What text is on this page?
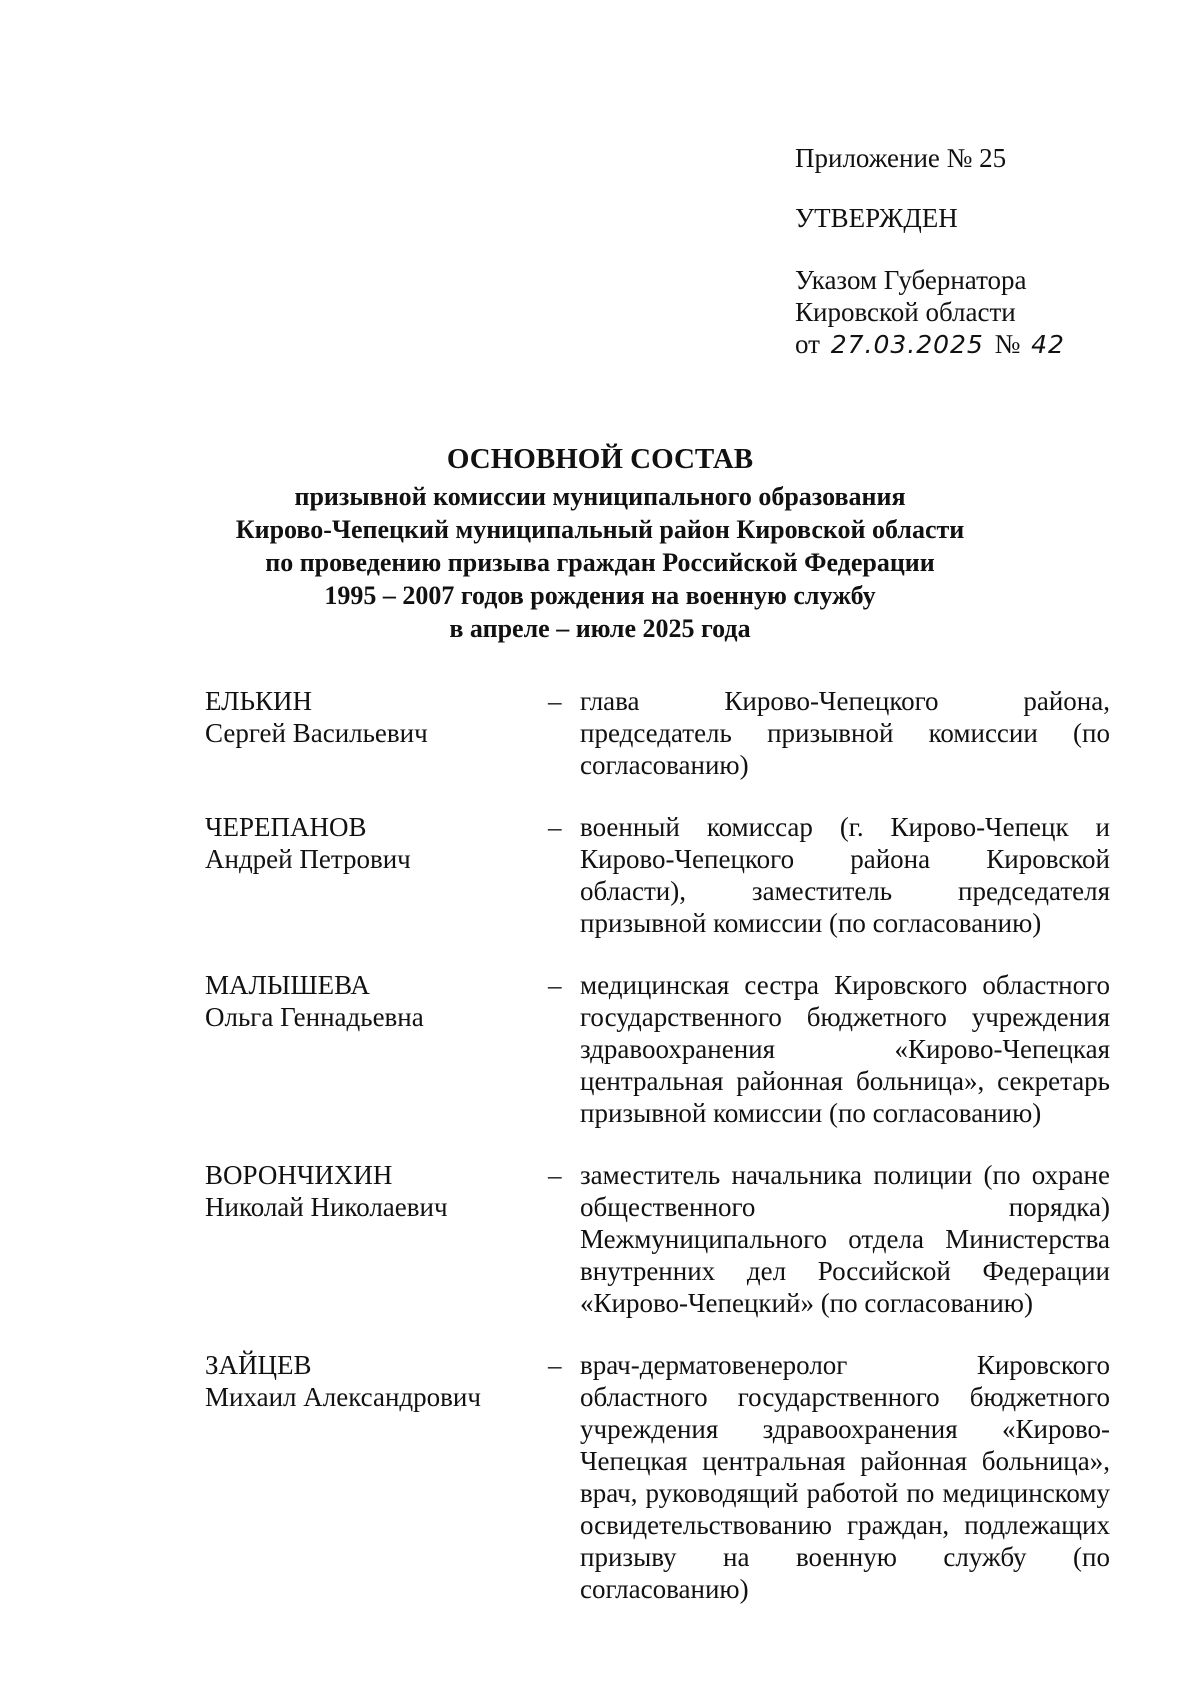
Приложение № 25
УТВЕРЖДЕН
Указом Губернатора
Кировской области
от 27.03.2025 № 42
ОСНОВНОЙ СОСТАВ
призывной комиссии муниципального образования
Кирово-Чепецкий муниципальный район Кировской области
по проведению призыва граждан Российской Федерации
1995 – 2007 годов рождения на военную службу
в апреле – июле 2025 года
ЕЛЬКИН
Сергей Васильевич
– глава Кирово-Чепецкого района, председатель призывной комиссии (по согласованию)
ЧЕРЕПАНОВ
Андрей Петрович
– военный комиссар (г. Кирово-Чепецк и Кирово-Чепецкого района Кировской области), заместитель председателя призывной комиссии (по согласованию)
МАЛЫШЕВА
Ольга Геннадьевна
– медицинская сестра Кировского областного государственного бюджетного учреждения здравоохранения «Кирово-Чепецкая центральная районная больница», секретарь призывной комиссии (по согласованию)
ВОРОНЧИХИН
Николай Николаевич
– заместитель начальника полиции (по охране общественного порядка) Межмуниципального отдела Министерства внутренних дел Российской Федерации «Кирово-Чепецкий» (по согласованию)
ЗАЙЦЕВ
Михаил Александрович
– врач-дерматовенеролог Кировского областного государственного бюджетного учреждения здравоохранения «Кирово-Чепецкая центральная районная больница», врач, руководящий работой по медицинскому освидетельствованию граждан, подлежащих призыву на военную службу (по согласованию)
